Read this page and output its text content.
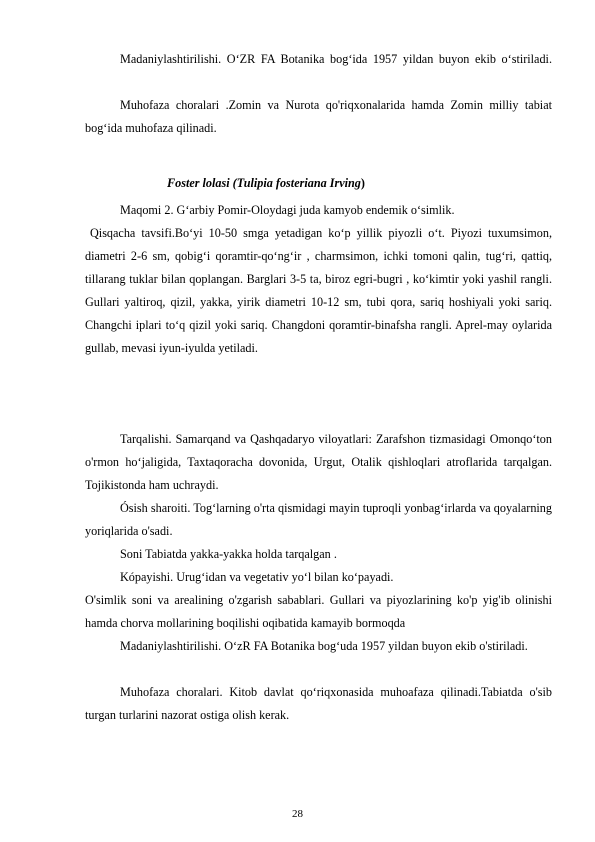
Madaniylashtirilishi. OʻZR FA Botanika bogʻida 1957 yildan buyon ekib oʻstiriladi.

Muhofaza choralari .Zomin va Nurota qo'riqxonalarida hamda Zomin milliy tabiat bogʻida muhofaza qilinadi.

Foster lolasi (Tulipia fosteriana Irving)

Maqomi 2. Gʻarbiy Pomir-Oloydagi juda kamyob endemik oʻsimlik.

Qisqacha tavsifi.Boʻyi 10-50 smga yetadigan koʻp yillik piyozli oʻt. Piyozi tuxumsimon, diametri 2-6 sm, qobigʻi qoramtir-qoʻngʻir , charmsimon, ichki tomoni qalin, tugʻri, qattiq, tillarang tuklar bilan qoplangan. Barglari 3-5 ta, biroz egri-bugri , koʻkimtir yoki yashil rangli. Gullari yaltiroq, qizil, yakka, yirik diametri 10-12 sm, tubi qora, sariq hoshiyali yoki sariq. Changchi iplari toʻq qizil yoki sariq. Changdoni qoramtir-binafsha rangli. Aprel-may oylarida gullab, mevasi iyun-iyulda yetiladi.

Tarqalishi. Samarqand va Qashqadaryo viloyatlari: Zarafshon tizmasidagi Omonqoʻton o'rmon hoʻjaligida, Taxtaqoracha dovonida, Urgut, Otalik qishloqlari atroflarida tarqalgan. Tojikistonda ham uchraydi.

Ósish sharoiti. Togʻlarning o'rta qismidagi mayin tuproqli yonbagʻirlarda va qoyalarning yoriqlarida o'sadi.

Soni Tabiatda yakka-yakka holda tarqalgan .

Kópayishi. Urugʻidan va vegetativ yoʻl bilan koʻpayadi.

O'simlik soni va arealining o'zgarish sabablari. Gullari va piyozlarining ko'p yig'ib olinishi hamda chorva mollarining boqilishi oqibatida kamayib bormoqda

Madaniylashtirilishi. OʻzR FA Botanika bogʻuda 1957 yildan buyon ekib o'stiriladi.

Muhofaza choralari. Kitob davlat qoʻriqxonasida muhoafaza qilinadi.Tabiatda o'sib turgan turlarini nazorat ostiga olish kerak.

28
